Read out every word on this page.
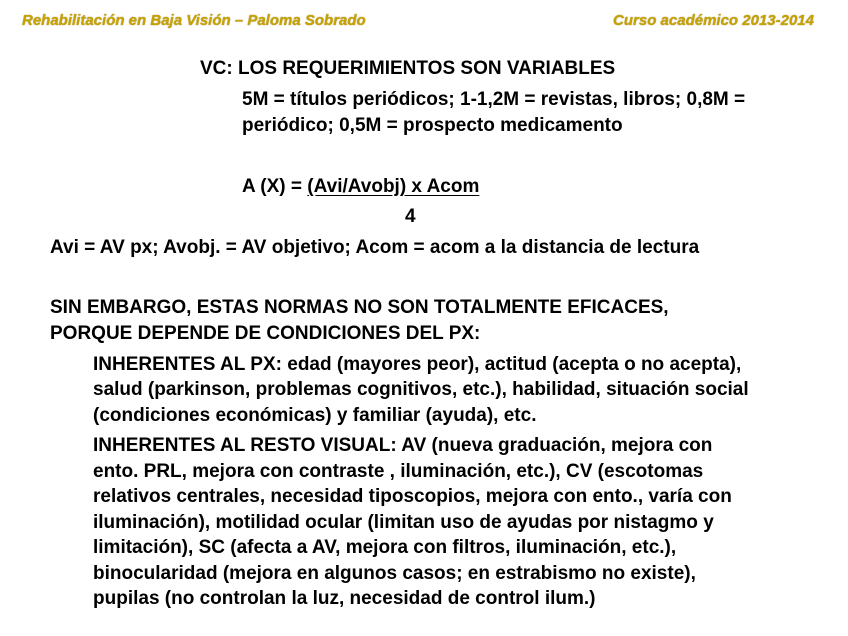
Rehabilitación en Baja Visión – Paloma Sobrado	Curso académico 2013-2014
VC: LOS REQUERIMIENTOS SON VARIABLES
5M = títulos periódicos; 1-1,2M = revistas, libros; 0,8M =
periódico; 0,5M = prospecto medicamento
A (X) = (Avi/Avobj) x Acom
4
Avi = AV px; Avobj. = AV objetivo; Acom = acom a la distancia de lectura
SIN EMBARGO, ESTAS NORMAS NO SON TOTALMENTE EFICACES,
PORQUE DEPENDE DE CONDICIONES DEL PX:
INHERENTES AL PX: edad (mayores peor), actitud (acepta o no acepta),
salud (parkinson, problemas cognitivos, etc.), habilidad, situación social
(condiciones económicas) y familiar (ayuda), etc.
INHERENTES AL RESTO VISUAL: AV (nueva graduación, mejora con
ento. PRL, mejora con contraste , iluminación, etc.), CV (escotomas
relativos centrales, necesidad tiposcopios, mejora con ento., varía con
iluminación), motilidad ocular (limitan uso de ayudas por nistagmo y
limitación), SC (afecta a AV, mejora con filtros, iluminación, etc.),
binocularidad (mejora en algunos casos; en estrabismo no existe),
pupilas (no controlan la luz, necesidad de control ilum.)
